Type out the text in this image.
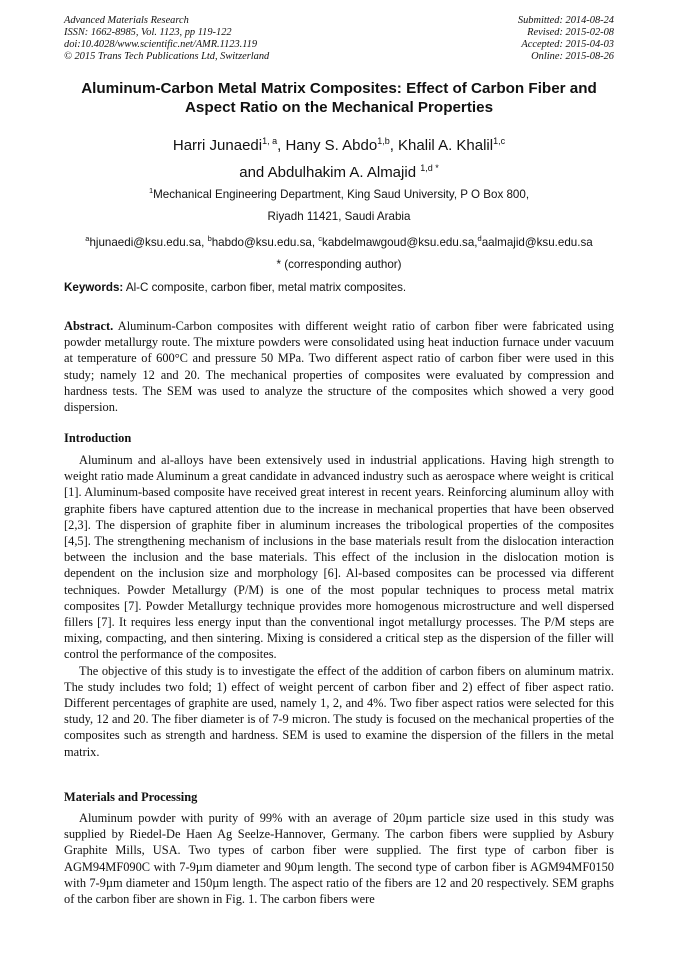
Advanced Materials Research
ISSN: 1662-8985, Vol. 1123, pp 119-122
doi:10.4028/www.scientific.net/AMR.1123.119
© 2015 Trans Tech Publications Ltd, Switzerland
Submitted: 2014-08-24
Revised: 2015-02-08
Accepted: 2015-04-03
Online: 2015-08-26
Aluminum-Carbon Metal Matrix Composites: Effect of Carbon Fiber and
Aspect Ratio on the Mechanical Properties
Harri Junaedi$^{1, a}$, Hany S. Abdo$^{1,b}$, Khalil A. Khalil$^{1,c}$
and Abdulhakim A. Almajid $^{1,d *}$
$^1$Mechanical Engineering Department, King Saud University, P O Box 800,
Riyadh 11421, Saudi Arabia
$^a$hjunaedi@ksu.edu.sa, $^b$habdo@ksu.edu.sa, $^c$kabdelmawgoud@ksu.edu.sa,$^d$aalmajid@ksu.edu.sa
* (corresponding author)
Keywords: Al-C composite, carbon fiber, metal matrix composites.

Abstract. Aluminum-Carbon composites with different weight ratio of carbon fiber were fabricated using powder metallurgy route. The mixture powders were consolidated using heat induction furnace under vacuum at temperature of 600°C and pressure 50 MPa. Two different aspect ratio of carbon fiber were used in this study; namely 12 and 20. The mechanical properties of composites were evaluated by compression and hardness tests. The SEM was used to analyze the structure of the composites which showed a very good dispersion.

Introduction

Aluminum and al-alloys have been extensively used in industrial applications. Having high strength to weight ratio made Aluminum a great candidate in advanced industry such as aerospace where weight is critical [1]. Aluminum-based composite have received great interest in recent years. Reinforcing aluminum alloy with graphite fibers have captured attention due to the increase in mechanical properties that have been observed [2,3]. The dispersion of graphite fiber in aluminum increases the tribological properties of the composites [4,5]. The strengthening mechanism of inclusions in the base materials result from the dislocation interaction between the inclusion and the base materials. This effect of the inclusion in the dislocation motion is dependent on the inclusion size and morphology [6]. Al-based composites can be processed via different techniques. Powder Metallurgy (P/M) is one of the most popular techniques to process metal matrix composites [7]. Powder Metallurgy technique provides more homogenous microstructure and well dispersed fillers [7]. It requires less energy input than the conventional ingot metallurgy processes. The P/M steps are mixing, compacting, and then sintering. Mixing is considered a critical step as the dispersion of the filler will control the performance of the composites.

The objective of this study is to investigate the effect of the addition of carbon fibers on aluminum matrix. The study includes two fold; 1) effect of weight percent of carbon fiber and 2) effect of fiber aspect ratio. Different percentages of graphite are used, namely 1, 2, and 4%. Two fiber aspect ratios were selected for this study, 12 and 20. The fiber diameter is of 7-9 micron. The study is focused on the mechanical properties of the composites such as strength and hardness. SEM is used to examine the dispersion of the fillers in the metal matrix.

Materials and Processing

Aluminum powder with purity of 99% with an average of 20µm particle size used in this study was supplied by Riedel-De Haen Ag Seelze-Hannover, Germany. The carbon fibers were supplied by Asbury Graphite Mills, USA. Two types of carbon fiber were supplied. The first type of carbon fiber is AGM94MF090C with 7-9µm diameter and 90µm length. The second type of carbon fiber is AGM94MF0150 with 7-9µm diameter and 150µm length. The aspect ratio of the fibers are 12 and 20 respectively. SEM graphs of the carbon fiber are shown in Fig. 1. The carbon fibers were
